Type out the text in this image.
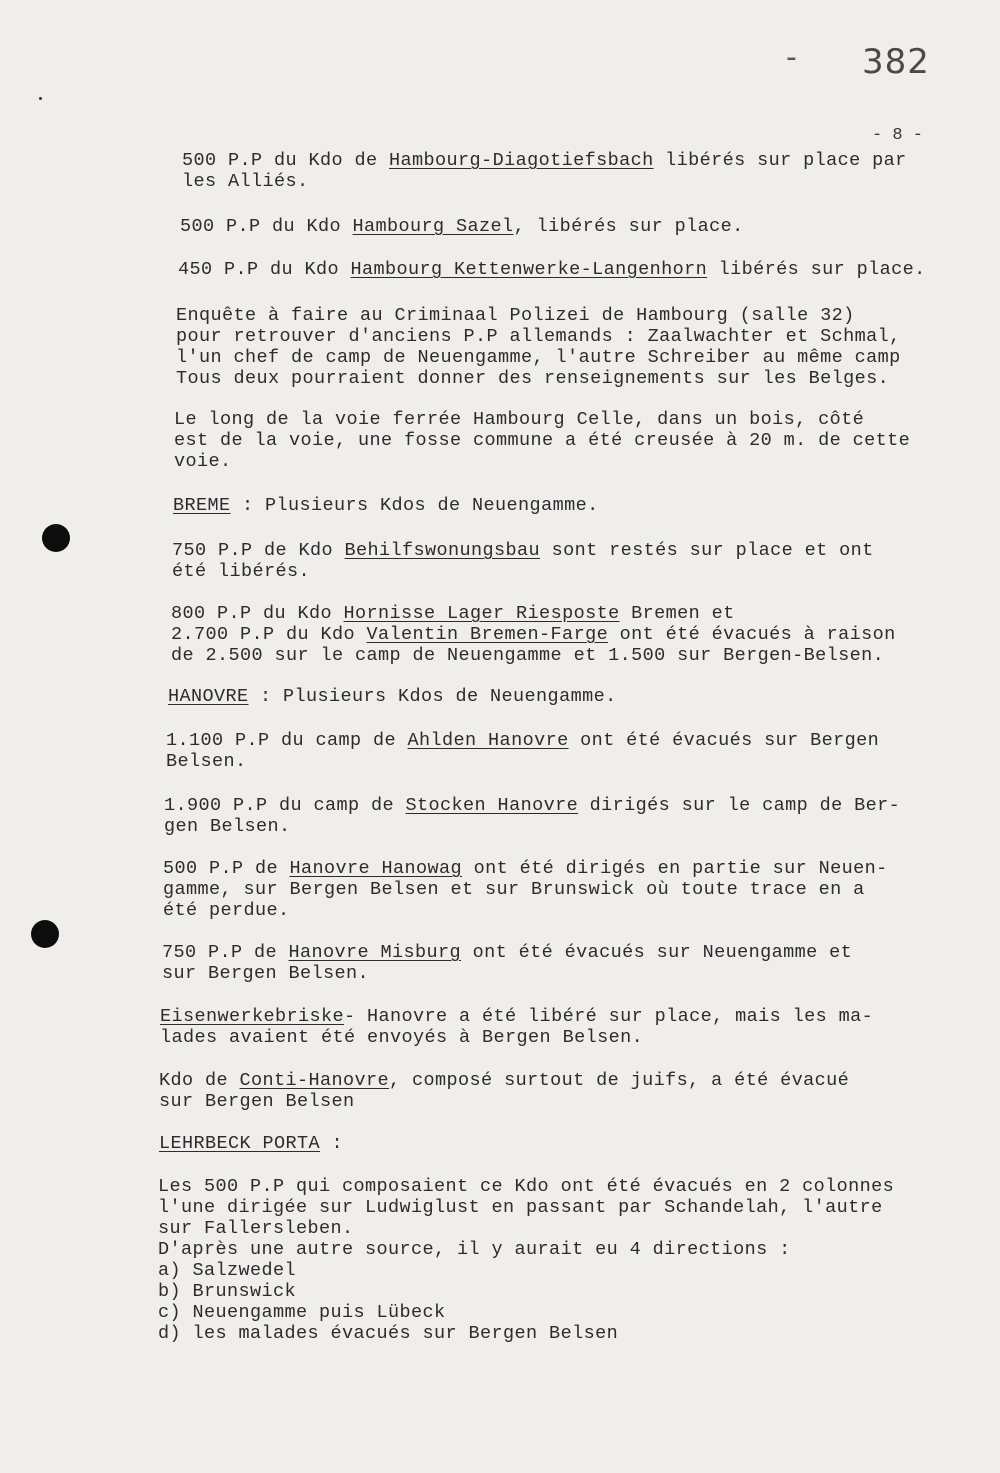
- 382
- 8 -
500 P.P du Kdo de Hambourg-Diagotiefsbach libérés sur place par
les Alliés.
500 P.P du Kdo Hambourg Sazel, libérés sur place.
450 P.P du Kdo Hambourg Kettenwerke-Langenhorn libérés sur place.
Enquête à faire au Criminaal Polizei de Hambourg (salle 32)
pour retrouver d'anciens P.P allemands : Zaalwachter et Schmal,
l'un chef de camp de Neuengamme, l'autre Schreiber au même camp
Tous deux pourraient donner des renseignements sur les Belges.
Le long de la voie ferrée Hambourg Celle, dans un bois, côté
est de la voie, une fosse commune a été creusée à 20 m. de cette
voie.
BREME : Plusieurs Kdos de Neuengamme.
750 P.P de Kdo Behilfswonungsbau sont restés sur place et ont
été libérés.
800 P.P du Kdo Hornisse Lager Riesposte Bremen et
2.700 P.P du Kdo Valentin Bremen-Farge ont été évacués à raison
de 2.500 sur le camp de Neuengamme et 1.500 sur Bergen-Belsen.
HANOVRE : Plusieurs Kdos de Neuengamme.
1.100 P.P du camp de Ahlden Hanovre ont été évacués sur Bergen
Belsen.
1.900 P.P du camp de Stocken Hanovre dirigés sur le camp de Ber-
gen Belsen.
500 P.P de Hanovre Hanowag ont été dirigés en partie sur Neuen-
gamme, sur Bergen Belsen et sur Brunswick où toute trace en a
été perdue.
750 P.P de Hanovre Misburg ont été évacués sur Neuengamme et
sur Bergen Belsen.
Eisenwerkebriske- Hanovre a été libéré sur place, mais les ma-
lades avaient été envoyés à Bergen Belsen.
Kdo de Conti-Hanovre, composé surtout de juifs, a été évacué
sur Bergen Belsen
LEHRBECK PORTA :
Les 500 P.P qui composaient ce Kdo ont été évacués en 2 colonnes
l'une dirigée sur Ludwiglust en passant par Schandelah, l'autre
sur Fallersleben.
D'après une autre source, il y aurait eu 4 directions :
a) Salzwedel
b) Brunswick
c) Neuengamme puis Lübeck
d) les malades évacués sur Bergen Belsen
